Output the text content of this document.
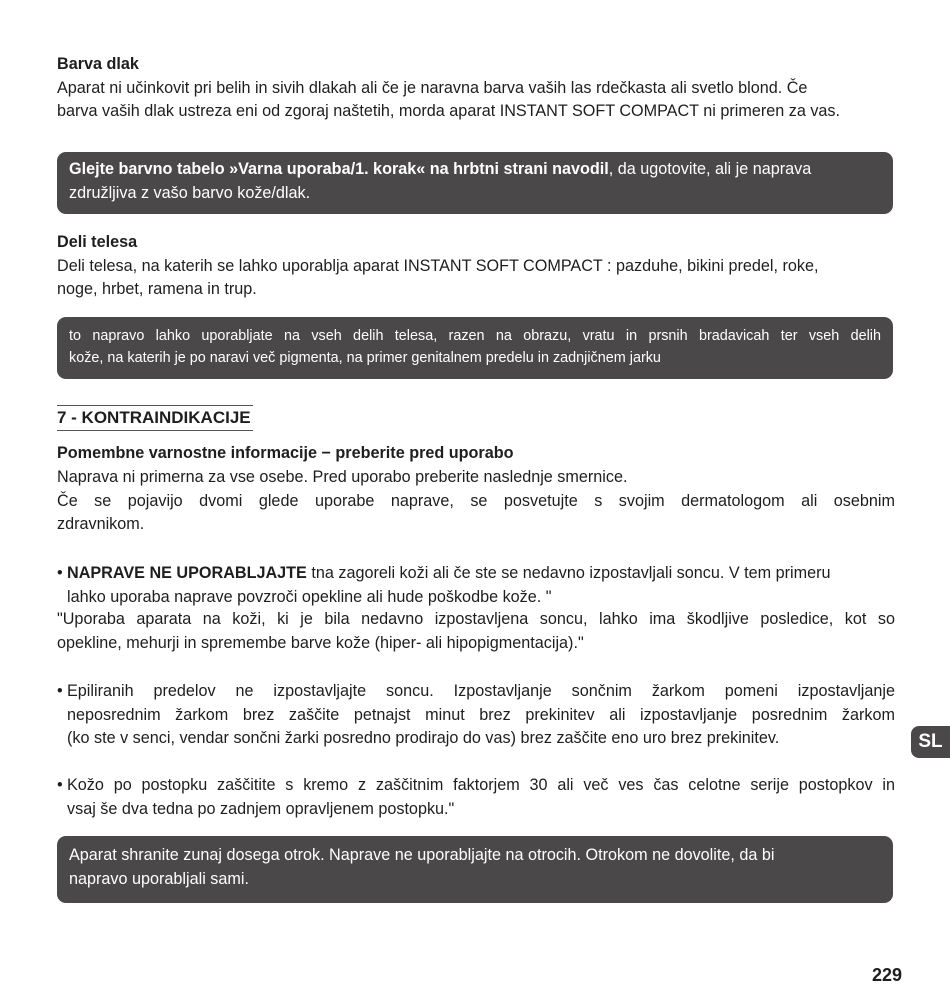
Barva dlak
Aparat ni učinkovit pri belih in sivih dlakah ali če je naravna barva vaših las rdečkasta ali svetlo blond. Če
barva vaših dlak ustreza eni od zgoraj naštetih, morda aparat INSTANT SOFT COMPACT ni primeren za vas.
Glejte barvno tabelo »Varna uporaba/1. korak« na hrbtni strani navodil, da ugotovite, ali je naprava
združljiva z vašo barvo kože/dlak.
Deli telesa
Deli telesa, na katerih se lahko uporablja aparat INSTANT SOFT COMPACT : pazduhe, bikini predel, roke,
noge, hrbet, ramena in trup.
to napravo lahko uporabljate na vseh delih telesa, razen na obrazu, vratu in prsnih bradavicah ter vseh delih
kože, na katerih je po naravi več pigmenta, na primer genitalnem predelu in zadnjičnem jarku
7 - KONTRAINDIKACIJE
Pomembne varnostne informacije − preberite pred uporabo
Naprava ni primerna za vse osebe. Pred uporabo preberite naslednje smernice.
Če se pojavijo dvomi glede uporabe naprave, se posvetujte s svojim dermatologom ali osebnim
zdravnikom.
• NAPRAVE NE UPORABLJAJTE tna zagoreli koži ali če ste se nedavno izpostavljali soncu. V tem primeru
lahko uporaba naprave povzroči opekline ali hude poškodbe kože. "
"Uporaba aparata na koži, ki je bila nedavno izpostavljena soncu, lahko ima škodljive posledice, kot so
opekline, mehurji in spremembe barve kože (hiper- ali hipopigmentacija)."
• Epiliranih predelov ne izpostavljajte soncu. Izpostavljanje sončnim žarkom pomeni izpostavljanje
neposrednim žarkom brez zaščite petnajst minut brez prekinitev ali izpostavljanje posrednim žarkom
(ko ste v senci, vendar sončni žarki posredno prodirajo do vas) brez zaščite eno uro brez prekinitev.	SL
• Kožo po postopku zaščitite s kremo z zaščitnim faktorjem 30 ali več ves čas celotne serije postopkov in
vsaj še dva tedna po zadnjem opravljenem postopku."
Aparat shranite zunaj dosega otrok. Naprave ne uporabljajte na otrocih. Otrokom ne dovolite, da bi
napravo uporabljali sami.
229
